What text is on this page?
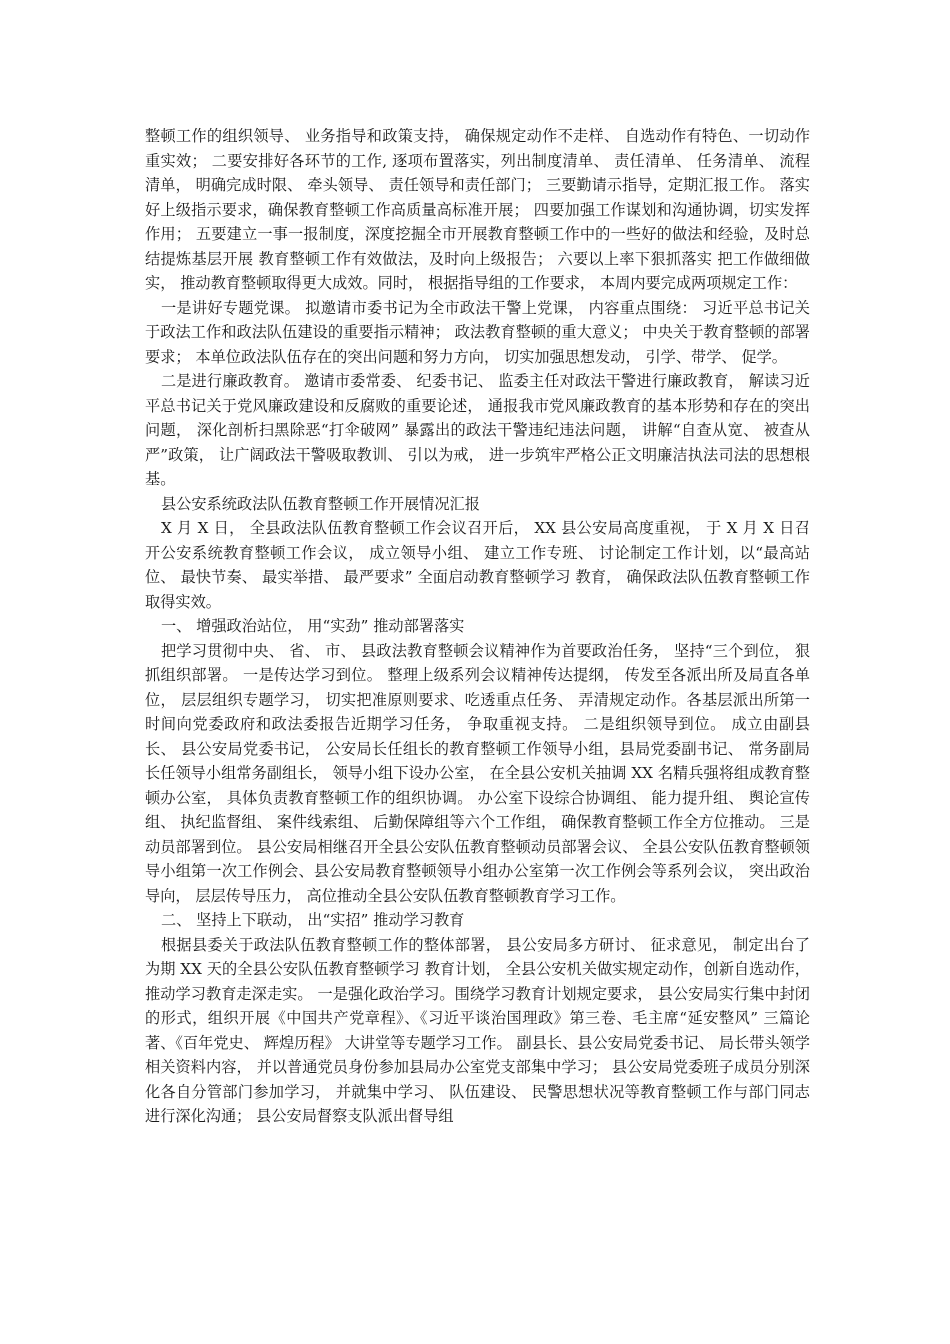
整顿工作的组织领导、 业务指导和政策支持， 确保规定动作不走样、 自选动作有特色、一切动作重实效； 二要安排好各环节的工作, 逐项布置落实，列出制度清单、 责任清单、 任务清单、 流程清单， 明确完成时限、 牵头领导、 责任领导和责任部门； 三要勤请示指导，定期汇报工作。 落实好上级指示要求，确保教育整顿工作高质量高标准开展； 四要加强工作谋划和沟通协调，切实发挥作用； 五要建立一事一报制度，深度挖掘全市开展教育整顿工作中的一些好的做法和经验，及时总结提炼基层开展 教育整顿工作有效做法，及时向上级报告； 六要以上率下狠抓落实 把工作做细做实， 推动教育整顿取得更大成效。同时， 根据指导组的工作要求， 本周内要完成两项规定工作：

一是讲好专题党课。 拟邀请市委书记为全市政法干警上党课， 内容重点围绕： 习近平总书记关于政法工作和政法队伍建设的重要指示精神； 政法教育整顿的重大意义； 中央关于教育整顿的部署要求； 本单位政法队伍存在的突出问题和努力方向， 切实加强思想发动， 引学、带学、 促学。

二是进行廉政教育。 邀请市委常委、 纪委书记、 监委主任对政法干警进行廉政教育， 解读习近平总书记关于党风廉政建设和反腐败的重要论述， 通报我市党风廉政教育的基本形势和存在的突出问题， 深化剖析扫黑除恶“打伞破网” 暴露出的政法干警违纪违法问题， 讲解“自查从宽、 被查从严”政策， 让广阔政法干警吸取教训、 引以为戒， 进一步筑牢严格公正文明廉洁执法司法的思想根基。

县公安系统政法队伍教育整顿工作开展情况汇报

X 月 X 日， 全县政法队伍教育整顿工作会议召开后， XX 县公安局高度重视， 于 X 月 X 日召开公安系统教育整顿工作会议， 成立领导小组、 建立工作专班、 讨论制定工作计划，以“最高站位、 最快节奏、 最实举措、 最严要求” 全面启动教育整顿学习 教育， 确保政法队伍教育整顿工作取得实效。

一、 增强政治站位， 用“实劲” 推动部署落实

把学习贯彻中央、 省、 市、 县政法教育整顿会议精神作为首要政治任务， 坚持“三个到位， 狠抓组织部署。 一是传达学习到位。 整理上级系列会议精神传达提纲， 传发至各派出所及局直各单位， 层层组织专题学习， 切实把准原则要求、吃透重点任务、 弄清规定动作。各基层派出所第一时间向党委政府和政法委报告近期学习任务， 争取重视支持。 二是组织领导到位。 成立由副县长、 县公安局党委书记， 公安局长任组长的教育整顿工作领导小组，县局党委副书记、 常务副局长任领导小组常务副组长， 领导小组下设办公室， 在全县公安机关抽调 XX 名精兵强将组成教育整顿办公室， 具体负责教育整顿工作的组织协调。 办公室下设综合协调组、 能力提升组、 舆论宣传组、 执纪监督组、 案件线索组、 后勤保障组等六个工作组， 确保教育整顿工作全方位推动。 三是动员部署到位。 县公安局相继召开全县公安队伍教育整顿动员部署会议、 全县公安队伍教育整顿领导小组第一次工作例会、县公安局教育整顿领导小组办公室第一次工作例会等系列会议， 突出政治导向， 层层传导压力， 高位推动全县公安队伍教育整顿教育学习工作。

二、 坚持上下联动， 出“实招” 推动学习教育

根据县委关于政法队伍教育整顿工作的整体部署， 县公安局多方研讨、 征求意见， 制定出台了 为期 XX 天的全县公安队伍教育整顿学习 教育计划， 全县公安机关做实规定动作，创新自选动作， 推动学习教育走深走实。 一是强化政治学习。围绕学习教育计划规定要求， 县公安局实行集中封闭的形式，组织开展《中国共产党章程》、《习近平谈治国理政》第三卷、毛主席“延安整风” 三篇论著、《百年党史、 辉煌历程》 大讲堂等专题学习工作。 副县长、县公安局党委书记、 局长带头领学相关资料内容， 并以普通党员身份参加县局办公室党支部集中学习； 县公安局党委班子成员分别深化各自分管部门参加学习， 并就集中学习、 队伍建设、 民警思想状况等教育整顿工作与部门同志进行深化沟通； 县公安局督察支队派出督导组
